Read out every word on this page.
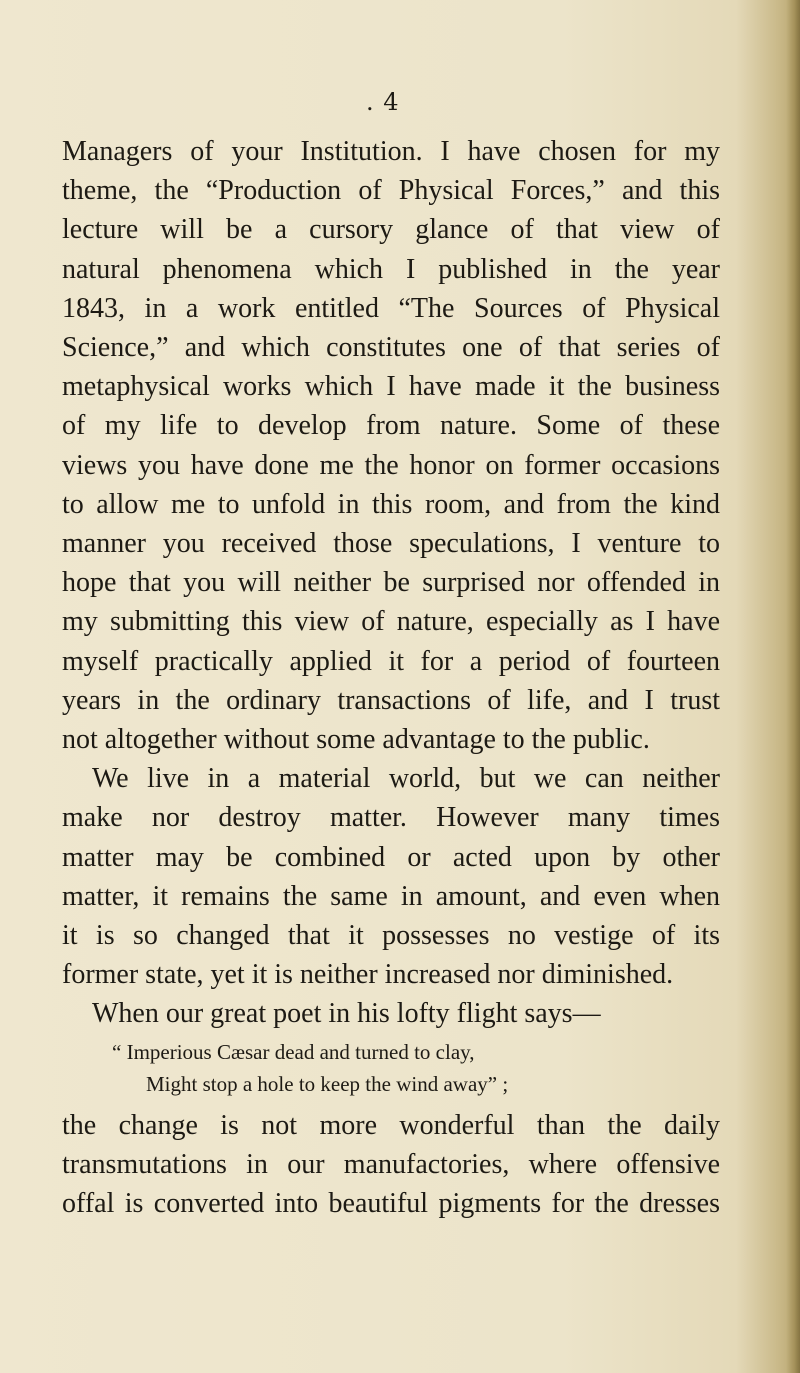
. 4
Managers of your Institution. I have chosen for my
theme, the “Production of Physical Forces,” and this
lecture will be a cursory glance of that view of
natural phenomena which I published in the year
1843, in a work entitled “The Sources of Physical
Science,” and which constitutes one of that series of
metaphysical works which I have made it the business
of my life to develop from nature. Some of these
views you have done me the honor on former occasions
to allow me to unfold in this room, and from the kind
manner you received those speculations, I venture to
hope that you will neither be surprised nor offended in
my submitting this view of nature, especially as I have
myself practically applied it for a period of fourteen
years in the ordinary transactions of life, and I trust
not altogether without some advantage to the public.
We live in a material world, but we can neither
make nor destroy matter. However many times
matter may be combined or acted upon by other
matter, it remains the same in amount, and even when
it is so changed that it possesses no vestige of its
former state, yet it is neither increased nor diminished.
When our great poet in his lofty flight says—
“ Imperious Cæsar dead and turned to clay,
Might stop a hole to keep the wind away” ;
the change is not more wonderful than the daily
transmutations in our manufactories, where offensive
offal is converted into beautiful pigments for the dresses
